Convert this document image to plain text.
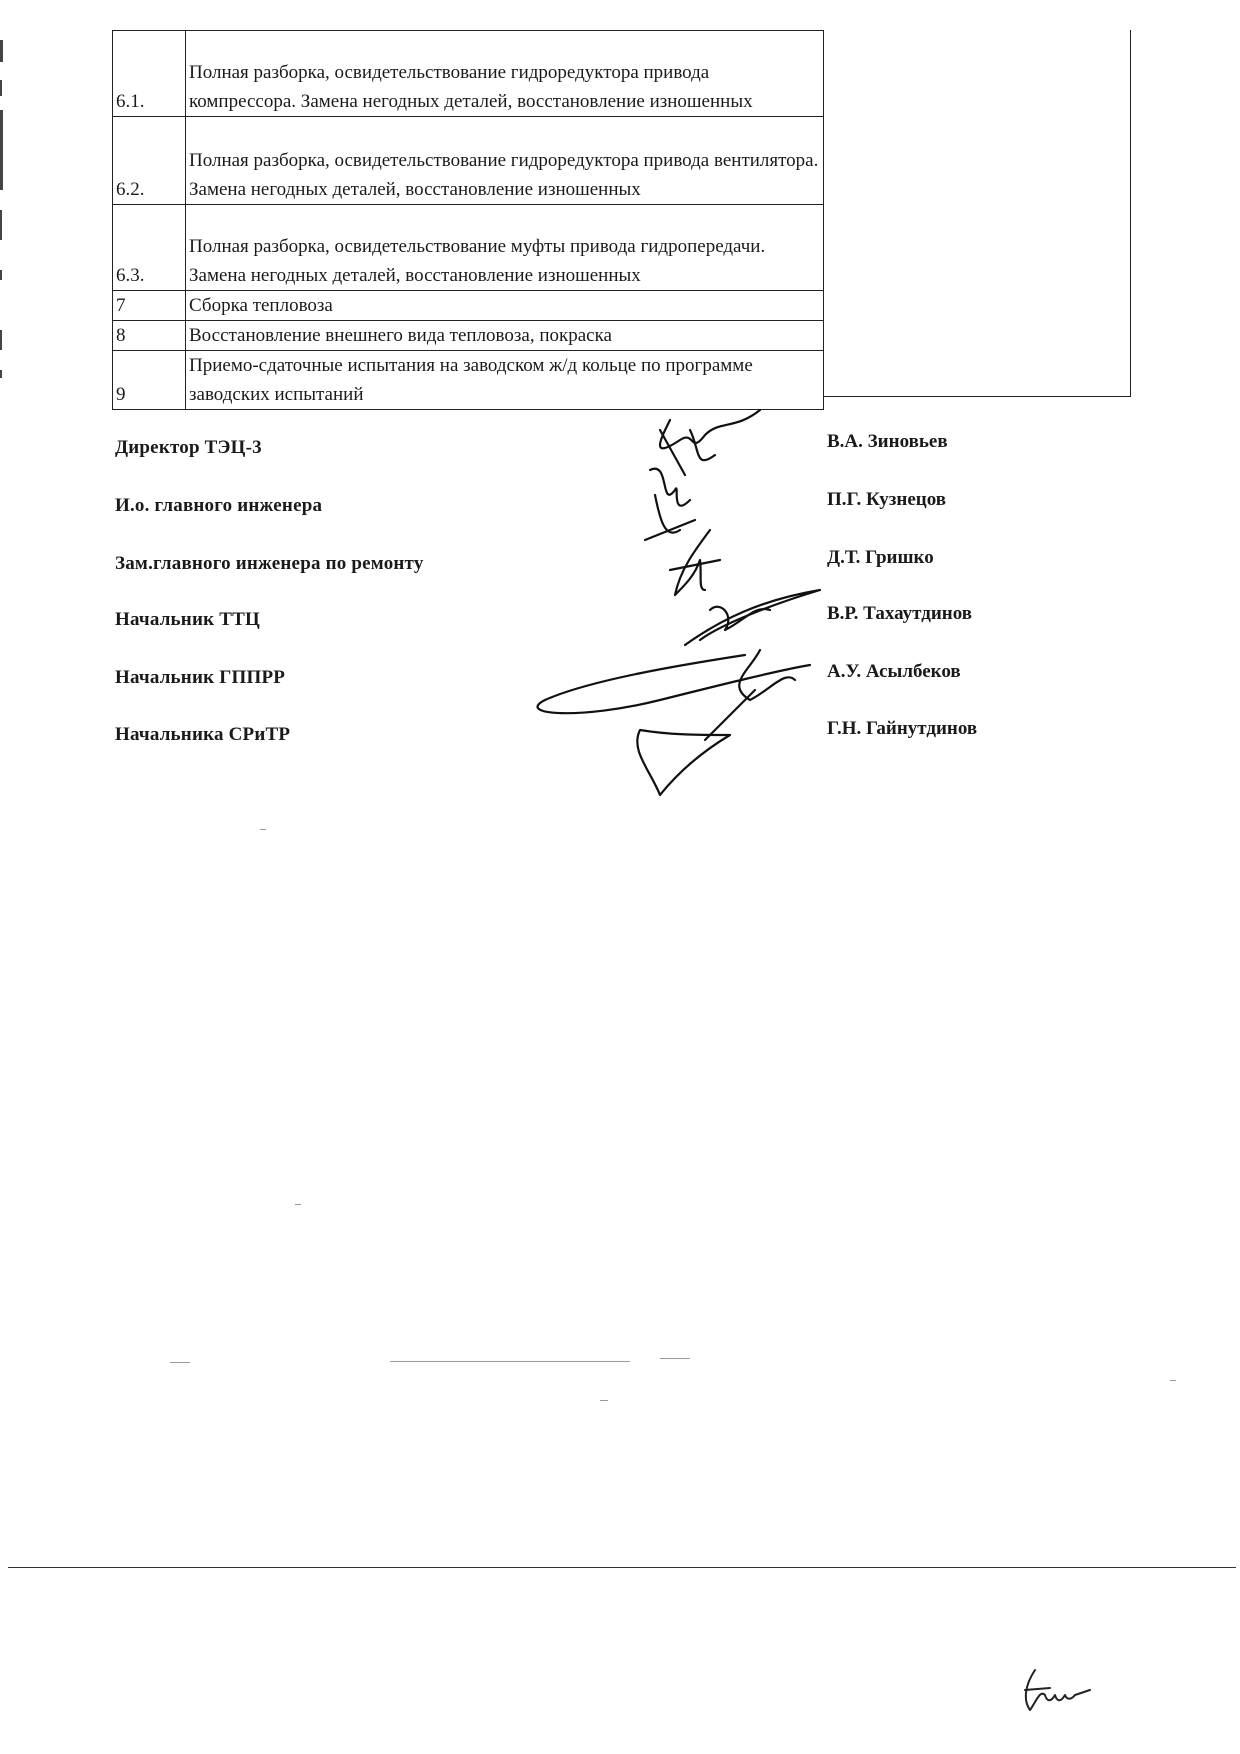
6.1.	Полная разборка, освидетельствование гидроредуктора привода компрессора. Замена негодных деталей, восстановление изношенных
6.2.	Полная разборка, освидетельствование гидроредуктора привода вентилятора. Замена негодных деталей, восстановление изношенных
6.3.	Полная разборка, освидетельствование муфты привода гидропередачи. Замена негодных деталей, восстановление изношенных
7	Сборка тепловоза
8	Восстановление внешнего вида тепловоза, покраска
9	Приемо-сдаточные испытания на заводском ж/д кольце по программе заводских испытаний
Директор ТЭЦ-3	В.А. Зиновьев
И.о. главного инженера	П.Г. Кузнецов
Зам.главного инженера по ремонту	Д.Т. Гришко
Начальник ТТЦ	В.Р. Тахаутдинов
Начальник ГППРР	А.У. Асылбеков
Начальника СРиТР	Г.Н. Гайнутдинов
